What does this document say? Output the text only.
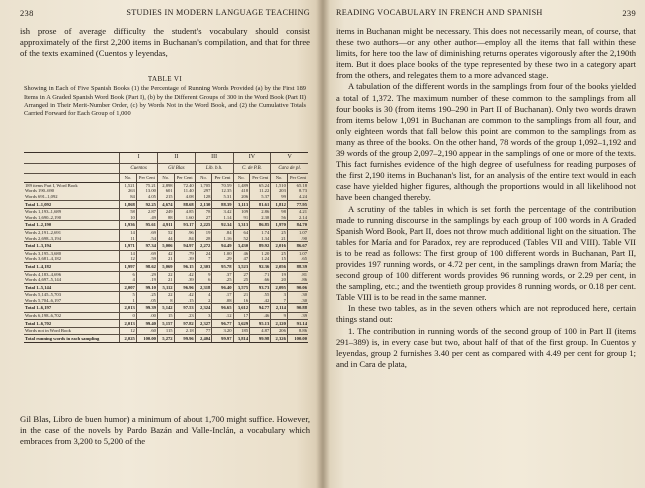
238	STUDIES IN MODERN LANGUAGE TEACHING

ish prose of average difficulty the student's vocabulary should consist approximately of the first 2,200 items in Buchanan's compilation, and that for three of the texts examined (Cuentos y leyendas,

TABLE VI
Showing in Each of Five Spanish Books (1) the Percentage of Running Words Provided (a) by the First 189 Items in A Graded Spanish Word Book (Part I), (b) by the Different Groups of 300 in the Word Book (Part II) Arranged in Their Merit-Number Order, (c) by Words Not in the Word Book, and (2) the Cumulative Totals Carried Forward for Each Group of 1,000
	I		II		III		IV		V	
	Cuentos		Gil Blas		Lib. b.h.		C. de P.B.		Cara de pl.	
	No.	Per Cent	No.	Per Cent	No.	Per Cent	No.	Per Cent	No.	Per Cent
189 items Part I, Word Book	1,521	75.21	2,898	72.40	1,705	70.59	1,489	65.24	1,510	65.18
Words 190–690	263	13.00	601	11.40	297	12.35	418	11.22	203	8.73
Words 691–1,092	84	4.05	215	4.08	128	5.31	206	5.37	99	4.24
Total 1–1,092	1,868	92.25	4,674	88.68	2,130	88.39	3,113	81.61	1,812	77.95
Words 1,193–1,689	58	2.87	249	4.85	78	3.42	109	2.86	98	4.21
Words 1,690–2,190	10	.49	88	1.60	27	1.14	91	2.38	56	2.14
Total 1–2,190	1,936	95.61	4,911	93.17	2,225	92.34	3,313	86.85	1,970	84.70
Words 2,191–2,691	14	.69	52	.96	19	.84	64	1.74	25	1.07
Words 2,698–3,194	11	.54	44	.84	28	1.16	52	1.34	21	.90
Total 1–3,194	1,971	97.34	5,006	94.97	2,272	94.49	3,430	89.92	2,016	86.67
Words 3,195–3,680	14	.69	42	.79	24	1.00	46	1.20	25	1.07
Words 3,681–4,182	12	.59	21	.39	7	.29	47	1.24	15	.65
Total 1–4,182	1,997	98.62	5,069	96.15	2,303	95.78	3,523	92.36	2,056	88.39
Words 4,183–4,696	6	.29	22	.42	9	.37	27	.71	19	.81
Words 4,697–5,144	4	.19	21	.39	6	.25	25	.66	20	.86
Total 1–5,144	2,007	99.10	5,112	96.96	2,318	96.40	3,575	93.73	2,095	90.06
Words 5,145–5,703	5	.25	22	.42	4	.17	21	.55	3	.30
Words 5,704–6,197	1	.05	8	.15	2	.08	16	.42	7	.30
Total 1–6,197	2,013	99.39	5,142	97.53	2,324	96.65	3,612	94.77	2,114	90.88
Words 6,198–6,702	0	.00	15	.23	3	.12	17	.46	9	.39
Total 1–6,702	2,013	99.40	5,157	97.82	2,327	96.77	3,629	95.13	2,120	91.14
Words not in Word Book	12	.60	115	2.18	77	3.20	185	4.87	206	8.86
Total running words in each sampling	2,025	100.00	5,272	99.96	2,404	99.97	3,814	99.98	2,326	100.00

Gil Blas, Libro de buen humor) a minimum of about 1,700 might suffice. However, in the case of the novels by Pardo Bazán and Valle-Inclán, a vocabulary which embraces from 3,200 to 5,200 of the

READING VOCABULARY IN FRENCH AND SPANISH	239

items in Buchanan might be necessary. This does not necessarily mean, of course, that these two authors—or any other author—employ all the items that fall within these limits, for here too the law of diminishing returns operates vigorously after the 2,190th item. But it does place books of the type represented by these two in a category apart from the others, and relegates them to a more advanced stage.

A tabulation of the different words in the samplings from four of the books yielded a total of 1,372. The maximum number of these common to the samplings from all four books is 30 (from items 190–290 in Part II of Buchanan). Only two words drawn from items below 1,091 in Buchanan are common to the samplings from all four, and only eighteen words that fall below this point are common to the samplings from as many as three of the books. On the other hand, 78 words of the group 1,092–1,192 and 39 words of the group 2,097–2,190 appear in the samplings of one or more of the texts. This fact furnishes evidence of the high degree of usefulness for reading purposes of the first 2,190 items in Buchanan's list, for an analysis of the entire text would in each case have yielded higher figures, although the proportions would in all likelihood not have been changed thereby.

A scrutiny of the tables in which is set forth the percentage of the contribution made to running discourse in the samplings by each group of 100 words in A Graded Spanish Word Book, Part II, does not throw much additional light on the situation. The tables for María and for Paradox, rey are reproduced (Tables VII and VIII). Table VII is to be read as follows: The first group of 100 different words in Buchanan, Part II, provides 197 running words, or 4.72 per cent, in the samplings drawn from María; the second group of 100 different words provides 96 running words, or 2.29 per cent, in the sampling, etc.; and the twentieth group provides 8 running words, or 0.18 per cent. Table VIII is to be read in the same manner.

In these two tables, as in the seven others which are not reproduced here, certain things stand out:

1. The contribution in running words of the second group of 100 in Part II (items 291–389) is, in every case but two, about half of that of the first group. In Cuentos y leyendas, group 2 furnishes 3.40 per cent as compared with 4.49 per cent for group 1; and in Cara de plata,
